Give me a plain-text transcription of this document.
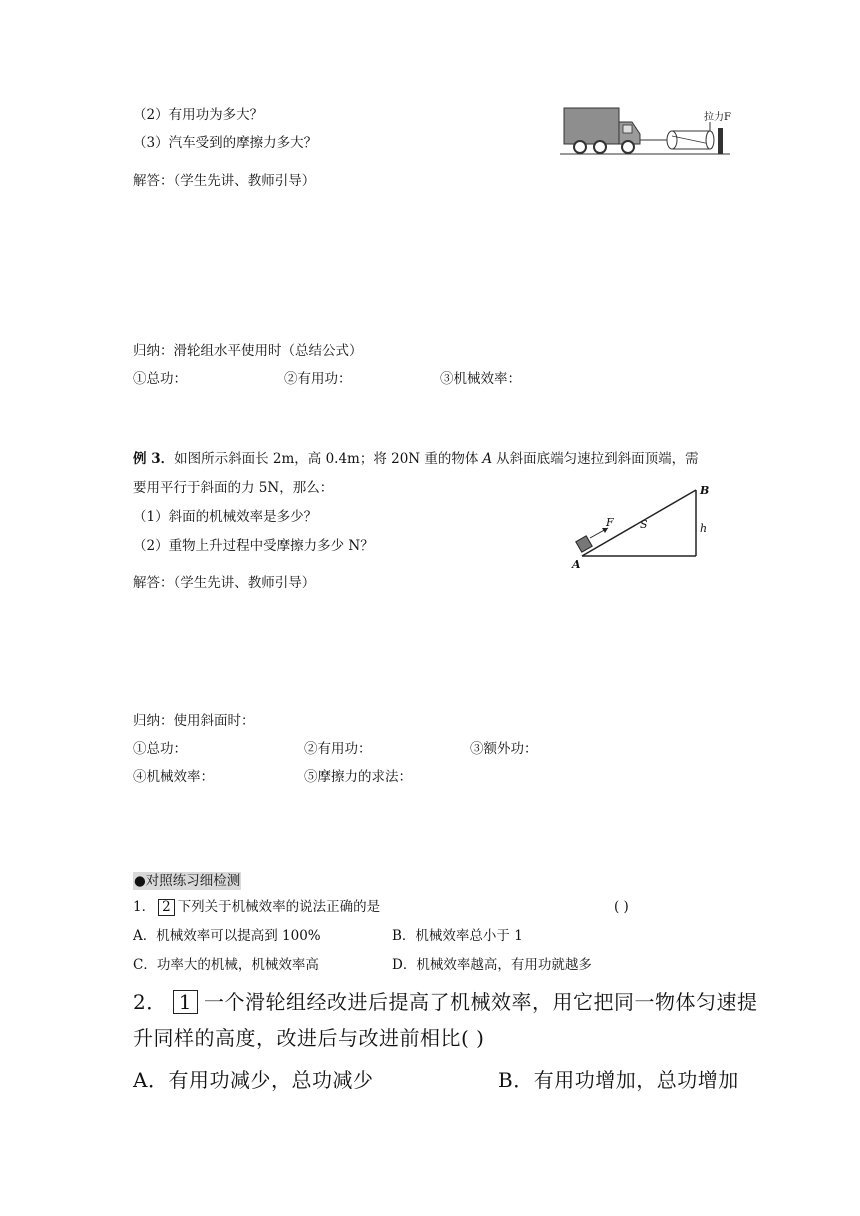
（2）有用功为多大？
（3）汽车受到的摩擦力多大？
解答：（学生先讲、教师引导）
拉力F
归纳：滑轮组水平使用时（总结公式）
①总功：	②有用功：	③机械效率：
例 3．如图所示斜面长 2m，高 0.4m；将 20N 重的物体 A 从斜面底端匀速拉到斜面顶端，需
要用平行于斜面的力 5N，那么：
（1）斜面的机械效率是多少？
（2）重物上升过程中受摩擦力多少 N？
解答：（学生先讲、教师引导）
F S	h
B
A
归纳：使用斜面时：
①总功：	②有用功：	③额外功：
④机械效率：	⑤摩擦力的求法：
●对照练习细检测
1． 2 下列关于机械效率的说法正确的是	( )
A．机械效率可以提高到 100%	B．机械效率总小于 1
C．功率大的机械，机械效率高	D．机械效率越高，有用功就越多
2． 1 一个滑轮组经改进后提高了机械效率，用它把同一物体匀速提
升同样的高度，改进后与改进前相比( )
A．有用功减少，总功减少	B．有用功增加，总功增加
